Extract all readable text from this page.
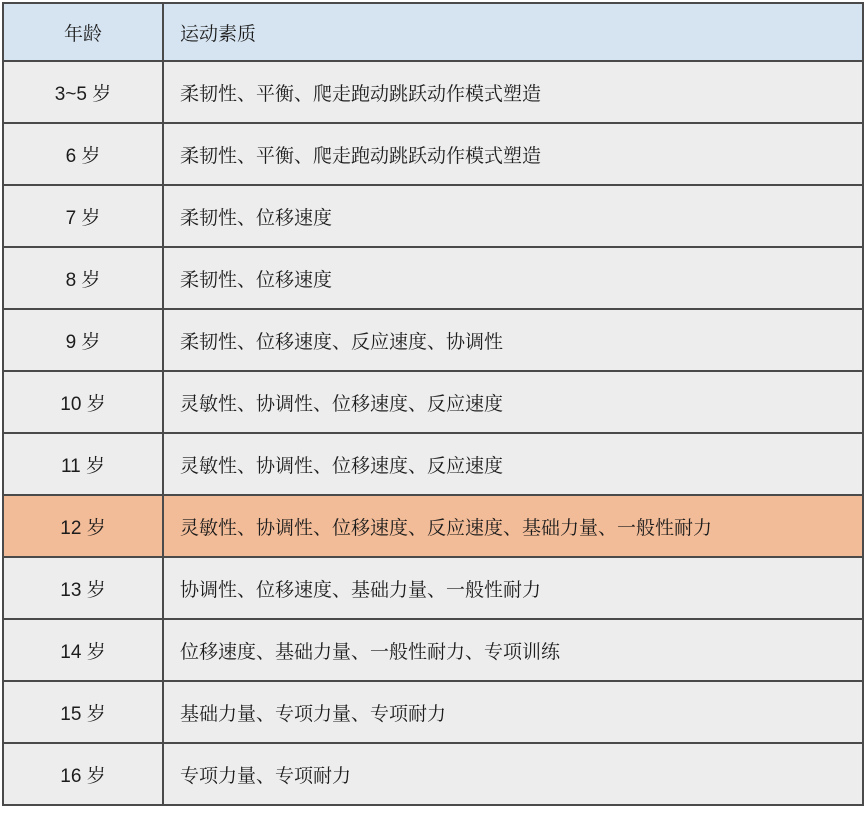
年龄	运动素质
3~5 岁	柔韧性、平衡、爬走跑动跳跃动作模式塑造
6 岁	柔韧性、平衡、爬走跑动跳跃动作模式塑造
7 岁	柔韧性、位移速度
8 岁	柔韧性、位移速度
9 岁	柔韧性、位移速度、反应速度、协调性
10 岁	灵敏性、协调性、位移速度、反应速度
11 岁	灵敏性、协调性、位移速度、反应速度
12 岁	灵敏性、协调性、位移速度、反应速度、基础力量、一般性耐力
13 岁	协调性、位移速度、基础力量、一般性耐力
14 岁	位移速度、基础力量、一般性耐力、专项训练
15 岁	基础力量、专项力量、专项耐力
16 岁	专项力量、专项耐力
